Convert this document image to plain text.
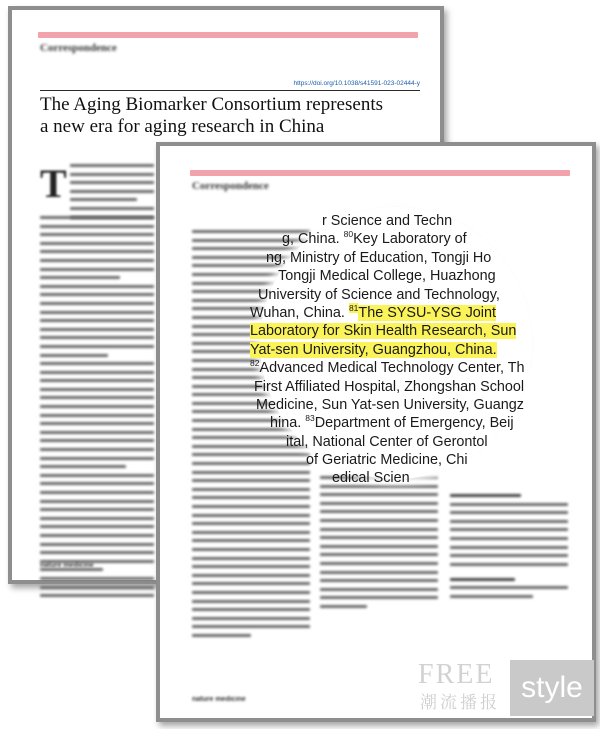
Correspondence
https://doi.org/10.1038/s41591-023-02444-y
The Aging Biomarker Consortium represents
a new era for aging research in China
T
nature medicine
Correspondence
nature medicine
r Science and Techn
g, China. $^{80}$Key Laboratory of
ng, Ministry of Education, Tongji Ho
Tongji Medical College, Huazhong
University of Science and Technology,
Wuhan, China. $^{81}$The SYSU-YSG Joint
Laboratory for Skin Health Research, Sun
Yat-sen University, Guangzhou, China.
$^{82}$Advanced Medical Technology Center, Th
First Affiliated Hospital, Zhongshan School
Medicine, Sun Yat-sen University, Guangz
hina. $^{83}$Department of Emergency, Beij
ital, National Center of Gerontol
of Geriatric Medicine, Chi
edical Scien
FREE
潮流播报 style
